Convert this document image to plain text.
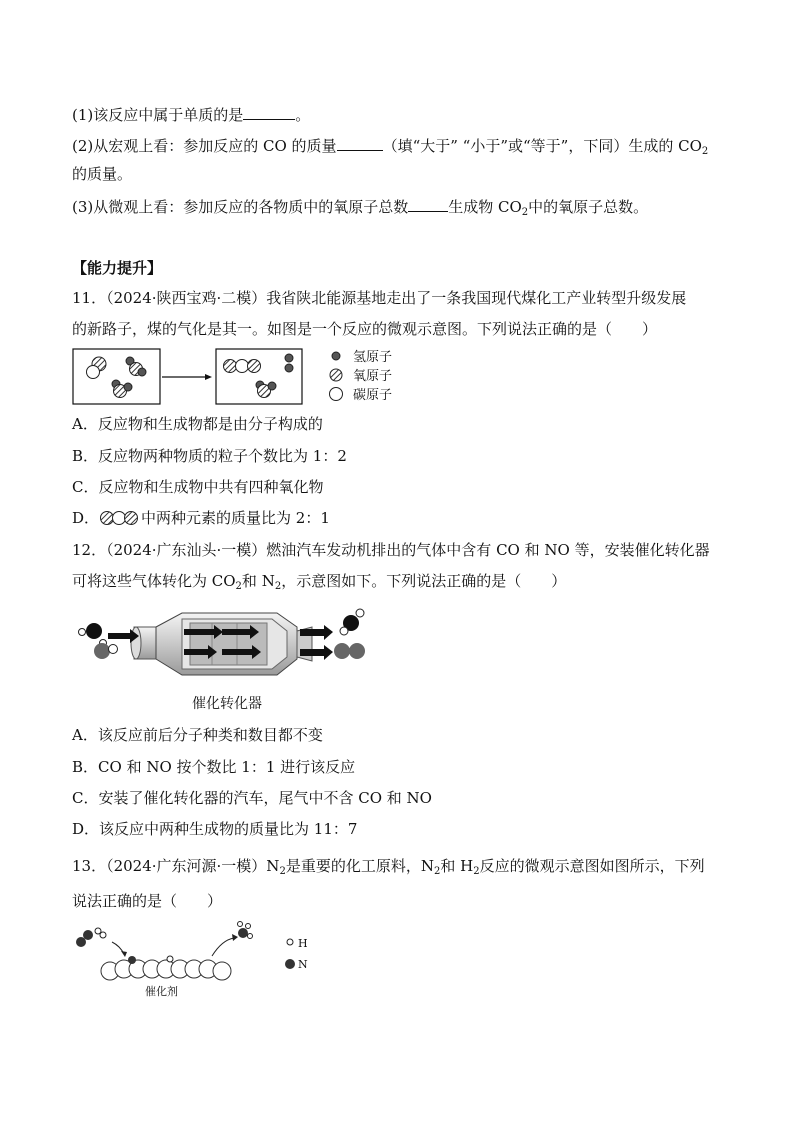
(1)该反应中属于单质的是	。
(2)从宏观上看：参加反应的 CO 的质量	（填“大于” “小于”或“等于”，下同）生成的 $CO_2$
的质量。
(3)从微观上看：参加反应的各物质中的氧原子总数	生成物 $CO_2$中的氧原子总数。
【能力提升】
11．（2024·陕西宝鸡·二模）我省陕北能源基地走出了一条我国现代煤化工产业转型升级发展
的新路子，煤的气化是其一。如图是一个反应的微观示意图。下列说法正确的是（　　）
氢原子
氧原子
碳原子
A．反应物和生成物都是由分子构成的
B．反应物两种物质的粒子个数比为 1：2
C．反应物和生成物中共有四种氧化物
D．	中两种元素的质量比为 2：1
12．（2024·广东汕头·一模）燃油汽车发动机排出的气体中含有 CO 和 NO 等，安装催化转化器
可将这些气体转化为 $CO_2$和 $N_2$，示意图如下。下列说法正确的是（　　）
催化转化器
A．该反应前后分子种类和数目都不变
B．CO 和 NO 按个数比 1：1 进行该反应
C．安装了催化转化器的汽车，尾气中不含 CO 和 NO
D．该反应中两种生成物的质量比为 11：7
13．（2024·广东河源·一模）$N_2$是重要的化工原料，$N_2$和 $H_2$反应的微观示意图如图所示，下列
说法正确的是（　　）
H
N
催化剂
